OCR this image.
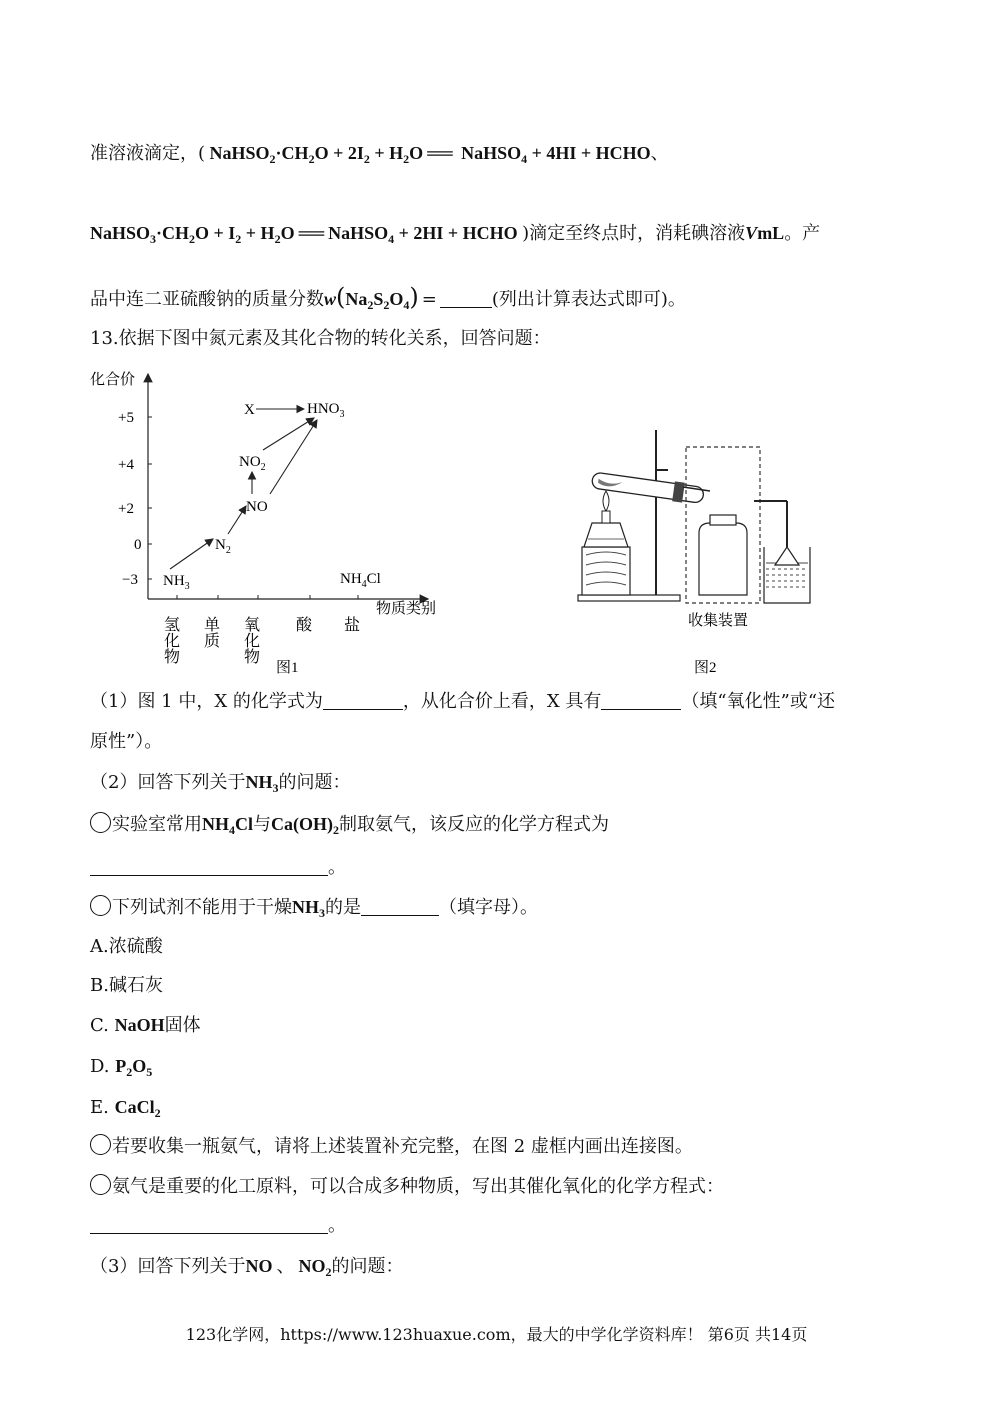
准溶液滴定，( $NaHSO_2\cdot CH_2O + 2I_2 + H_2O$ ══ NaHSO$_4$ + 4HI + HCHO、
$NaHSO_3\cdot CH_2O + I_2 + H_2O$ ══ NaHSO$_4$ + 2HI + HCHO )滴定至终点时，消耗碘溶液VmL。产
品中连二亚硫酸钠的质量分数$w(Na_2S_2O_4)$ =	(列出计算表达式即可)。
13.依据下图中氮元素及其化合物的转化关系，回答问题：
化合价
+5
+4
+2
0
−3
氢化物 单质 氧化物 酸 盐
物质类别
X	$HNO_3$
$NO_2$
NO
$N_2$
$NH_3$	$NH_4Cl$
图1
收集装置
图2
（1）图 1 中，X 的化学式为	，从化合价上看，X 具有	（填“氧化性”或“还
原性”）。
（2）回答下列关于$NH_3$的问题：
实验室常用$NH_4Cl$与$Ca(OH)_2$制取氨气，该反应的化学方程式为
。
下列试剂不能用于干燥$NH_3$的是	（填字母）。
A.浓硫酸
B.碱石灰
C. NaOH固体
D. $P_2O_5$
E. CaCl$_2$
若要收集一瓶氨气，请将上述装置补充完整，在图 2 虚框内画出连接图。
氨气是重要的化工原料，可以合成多种物质，写出其催化氧化的化学方程式：
。
（3）回答下列关于NO 、 $NO_2$的问题：
123化学网，https://www.123huaxue.com，最大的中学化学资料库！ 第6页 共14页
